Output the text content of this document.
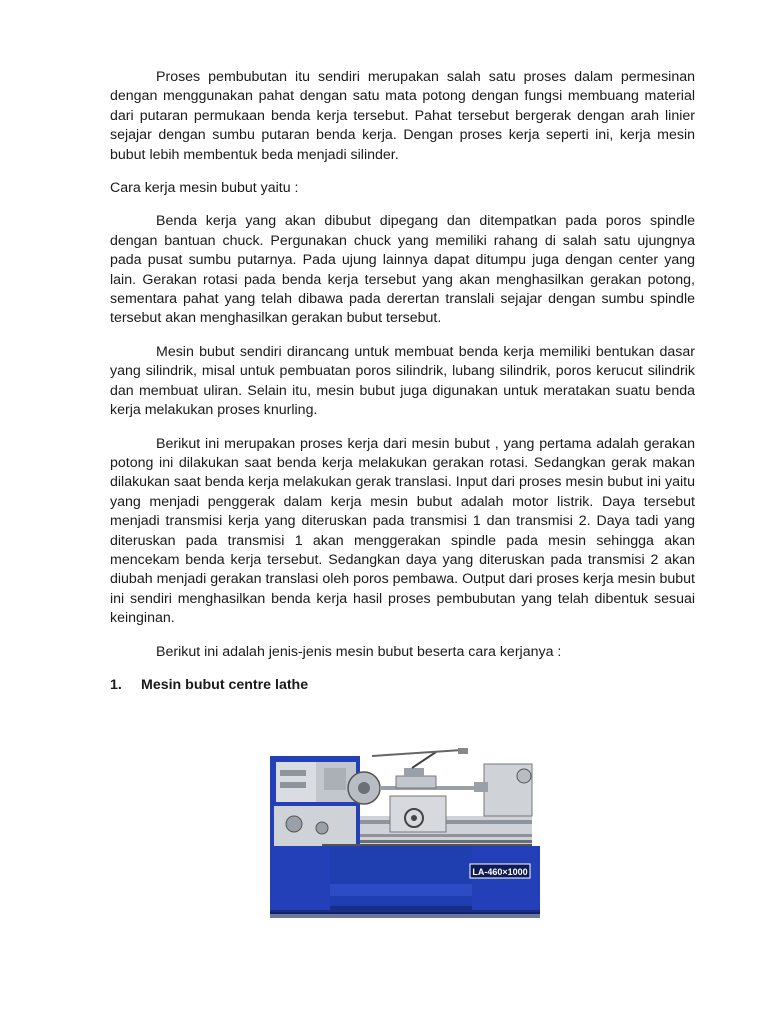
Proses pembubutan itu sendiri merupakan salah satu proses dalam permesinan dengan menggunakan pahat dengan satu mata potong dengan fungsi membuang material dari putaran permukaan benda kerja tersebut. Pahat tersebut bergerak dengan arah linier sejajar dengan sumbu putaran benda kerja. Dengan proses kerja seperti ini, kerja mesin bubut lebih membentuk beda menjadi silinder.

Cara kerja mesin bubut yaitu :

Benda kerja yang akan dibubut dipegang dan ditempatkan pada poros spindle dengan bantuan chuck. Pergunakan chuck yang memiliki rahang di salah satu ujungnya pada pusat sumbu putarnya. Pada ujung lainnya dapat ditumpu juga dengan center yang lain. Gerakan rotasi pada benda kerja tersebut yang akan menghasilkan gerakan potong, sementara pahat yang telah dibawa pada derertan translali sejajar dengan sumbu spindle tersebut akan menghasilkan gerakan bubut tersebut.

Mesin bubut sendiri dirancang untuk membuat benda kerja memiliki bentukan dasar yang silindrik, misal untuk pembuatan poros silindrik, lubang silindrik, poros kerucut silindrik dan membuat uliran. Selain itu, mesin bubut juga digunakan untuk meratakan suatu benda kerja melakukan proses knurling.

Berikut ini merupakan proses kerja dari mesin bubut , yang pertama adalah gerakan potong ini dilakukan saat benda kerja melakukan gerakan rotasi. Sedangkan gerak makan dilakukan saat benda kerja melakukan gerak translasi. Input dari proses mesin bubut ini yaitu yang menjadi penggerak dalam kerja mesin bubut adalah motor listrik. Daya tersebut menjadi transmisi kerja yang diteruskan pada transmisi 1 dan transmisi 2. Daya tadi yang diteruskan pada transmisi 1 akan menggerakan spindle pada mesin sehingga akan mencekam benda kerja tersebut. Sedangkan daya yang diteruskan pada transmisi 2 akan diubah menjadi gerakan translasi oleh poros pembawa. Output dari proses kerja mesin bubut ini sendiri menghasilkan benda kerja hasil proses pembubutan yang telah dibentuk sesuai keinginan.

Berikut ini adalah jenis-jenis mesin bubut beserta cara kerjanya :

1. Mesin bubut centre lathe
LA-460×1000
